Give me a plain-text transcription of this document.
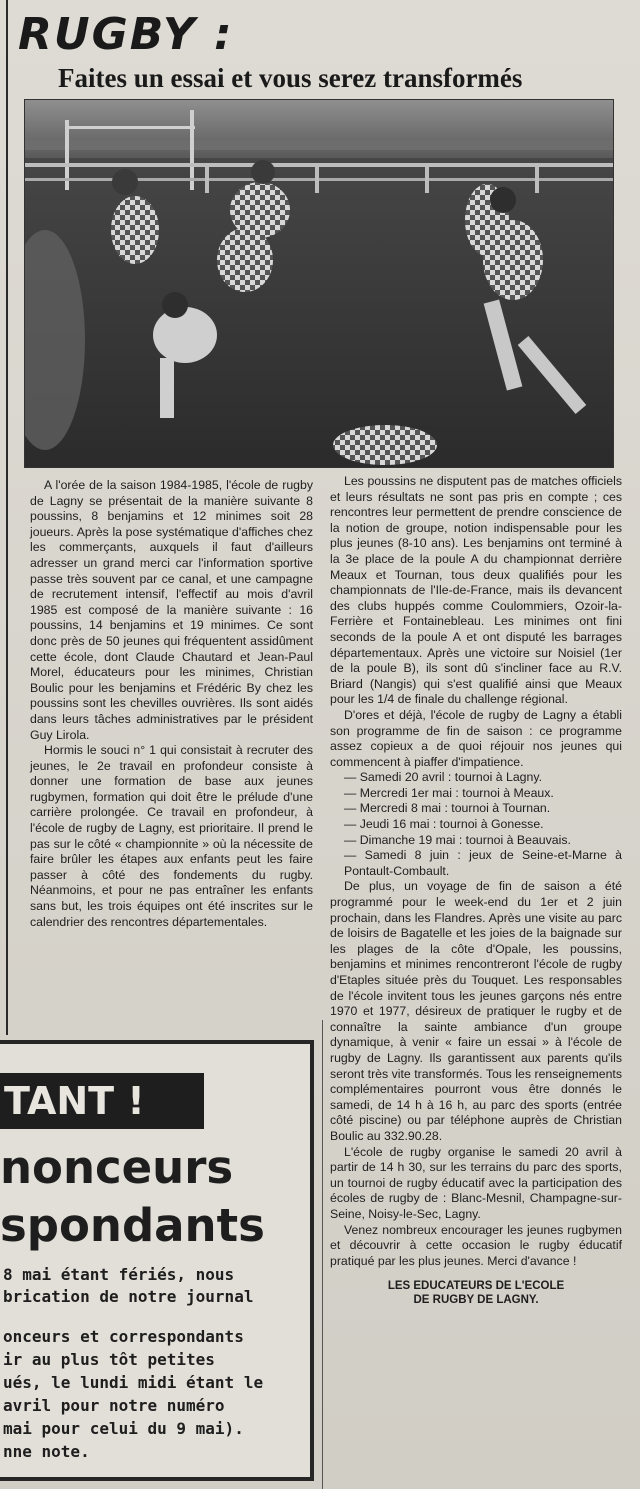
RUGBY :
Faites un essai et vous serez transformés

A l'orée de la saison 1984-1985, l'école de rugby de Lagny se présentait de la manière suivante 8 poussins, 8 benjamins et 12 minimes soit 28 joueurs. Après la pose systématique d'affiches chez les commerçants, auxquels il faut d'ailleurs adresser un grand merci car l'information sportive passe très souvent par ce canal, et une campagne de recrutement intensif, l'effectif au mois d'avril 1985 est composé de la manière suivante : 16 poussins, 14 benjamins et 19 minimes. Ce sont donc près de 50 jeunes qui fréquentent assidûment cette école, dont Claude Chautard et Jean-Paul Morel, éducateurs pour les minimes, Christian Boulic pour les benjamins et Frédéric By chez les poussins sont les chevilles ouvrières. Ils sont aidés dans leurs tâches administratives par le président Guy Lirola.

Hormis le souci n° 1 qui consistait à recruter des jeunes, le 2e travail en profondeur consiste à donner une formation de base aux jeunes rugbymen, formation qui doit être le prélude d'une carrière prolongée. Ce travail en profondeur, à l'école de rugby de Lagny, est prioritaire. Il prend le pas sur le côté « championnite » où la nécessite de faire brûler les étapes aux enfants peut les faire passer à côté des fondements du rugby. Néanmoins, et pour ne pas entraîner les enfants sans but, les trois équipes ont été inscrites sur le calendrier des rencontres départementales.

Les poussins ne disputent pas de matches officiels et leurs résultats ne sont pas pris en compte ; ces rencontres leur permettent de prendre conscience de la notion de groupe, notion indispensable pour les plus jeunes (8-10 ans). Les benjamins ont terminé à la 3e place de la poule A du championnat derrière Meaux et Tournan, tous deux qualifiés pour les championnats de l'Ile-de-France, mais ils devancent des clubs huppés comme Coulommiers, Ozoir-la-Ferrière et Fontainebleau. Les minimes ont fini seconds de la poule A et ont disputé les barrages départementaux. Après une victoire sur Noisiel (1er de la poule B), ils sont dû s'incliner face au R.V. Briard (Nangis) qui s'est qualifié ainsi que Meaux pour les 1/4 de finale du challenge régional.

D'ores et déjà, l'école de rugby de Lagny a établi son programme de fin de saison : ce programme assez copieux a de quoi réjouir nos jeunes qui commencent à piaffer d'impatience.

— Samedi 20 avril : tournoi à Lagny.
— Mercredi 1er mai : tournoi à Meaux.
— Mercredi 8 mai : tournoi à Tournan.
— Jeudi 16 mai : tournoi à Gonesse.
— Dimanche 19 mai : tournoi à Beauvais.
— Samedi 8 juin : jeux de Seine-et-Marne à Pontault-Combault.

De plus, un voyage de fin de saison a été programmé pour le week-end du 1er et 2 juin prochain, dans les Flandres. Après une visite au parc de loisirs de Bagatelle et les joies de la baignade sur les plages de la côte d'Opale, les poussins, benjamins et minimes rencontreront l'école de rugby d'Etaples située près du Touquet. Les responsables de l'école invitent tous les jeunes garçons nés entre 1970 et 1977, désireux de pratiquer le rugby et de connaître la sainte ambiance d'un groupe dynamique, à venir « faire un essai » à l'école de rugby de Lagny. Ils garantissent aux parents qu'ils seront très vite transformés. Tous les renseignements complémentaires pourront vous être donnés le samedi, de 14 h à 16 h, au parc des sports (entrée côté piscine) ou par téléphone auprès de Christian Boulic au 332.90.28.

L'école de rugby organise le samedi 20 avril à partir de 14 h 30, sur les terrains du parc des sports, un tournoi de rugby éducatif avec la participation des écoles de rugby de : Blanc-Mesnil, Champagne-sur-Seine, Noisy-le-Sec, Lagny.

Venez nombreux encourager les jeunes rugbymen et découvrir à cette occasion le rugby éducatif pratiqué par les plus jeunes. Merci d'avance !

LES EDUCATEURS DE L'ECOLE
DE RUGBY DE LAGNY.
TANT !
nonceurs
spondants
8 mai étant fériés, nous
brication de notre journal
onceurs et correspondants
ir au plus tôt petites
ués, le lundi midi étant le
avril pour notre numéro
mai pour celui du 9 mai).
nne note.
